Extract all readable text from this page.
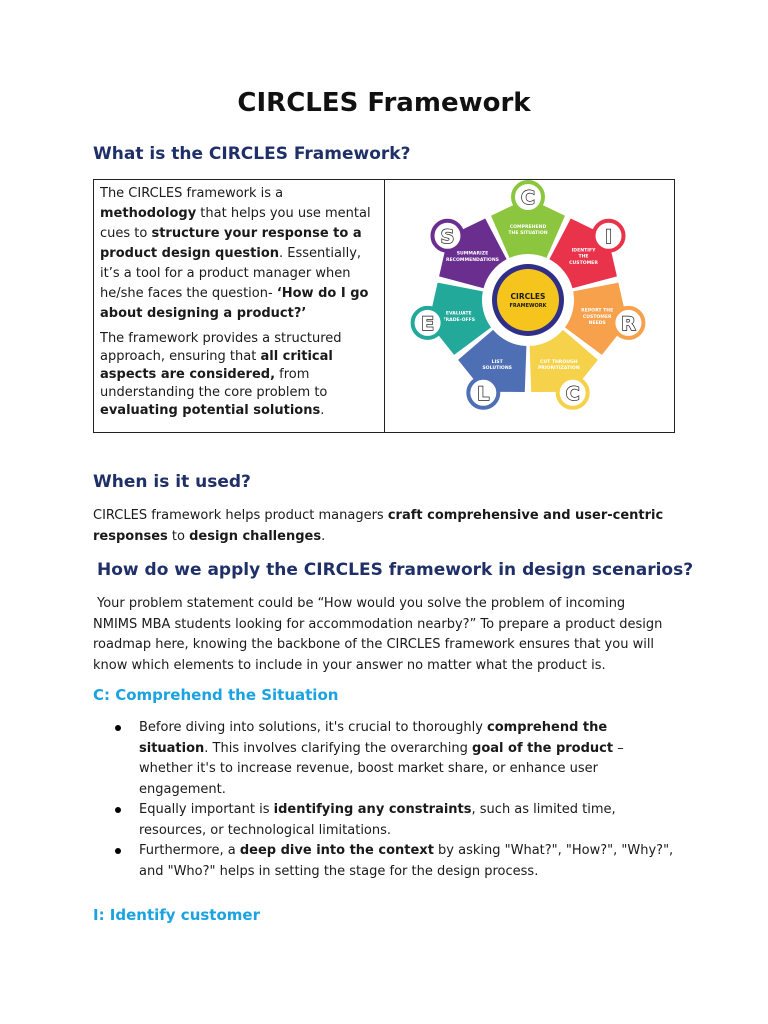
CIRCLES Framework
What is the CIRCLES Framework?

The CIRCLES framework is a methodology that helps you use mental cues to structure your response to a product design question. Essentially, it’s a tool for a product manager when he/she faces the question- ‘How do I go about designing a product?’

The framework provides a structured approach, ensuring that all critical aspects are considered, from understanding the core problem to evaluating potential solutions.

SUMMARIZE
RECOMMENDATIONS
S	COMPREHEND
THE SITUATION
C
IDENTIFY
THE
CUSTOMER
I
REPORT THE
CUSTOMER
NEEDS R
CUT THROUGH
PRIORITIZATION
C
LIST
SOLUTIONS
L
EVALUATE
TRADE-OFFS
E
CIRCLES
FRAMEWORK
When is it used?
CIRCLES framework helps product managers craft comprehensive and user-centric responses to design challenges.
How do we apply the CIRCLES framework in design scenarios?
Your problem statement could be “How would you solve the problem of incoming NMIMS MBA students looking for accommodation nearby?” To prepare a product design roadmap here, knowing the backbone of the CIRCLES framework ensures that you will know which elements to include in your answer no matter what the product is.
C: Comprehend the Situation
Before diving into solutions, it's crucial to thoroughly comprehend the situation. This involves clarifying the overarching goal of the product – whether it's to increase revenue, boost market share, or enhance user engagement.
Equally important is identifying any constraints, such as limited time, resources, or technological limitations.
Furthermore, a deep dive into the context by asking "What?", "How?", "Why?", and "Who?" helps in setting the stage for the design process.
I: Identify customer
